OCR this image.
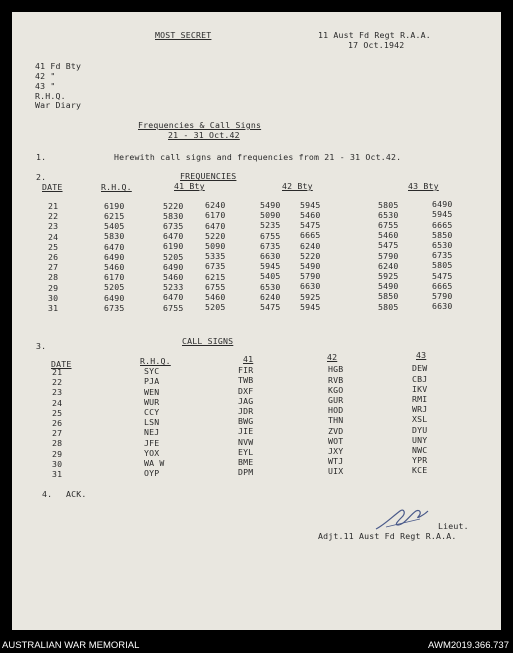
MOST SECRET	11 Aust Fd Regt R.A.A.
17 Oct.1942
41 Fd Bty
42 "
43 "
R.H.Q.
War Diary
Frequencies & Call Signs
21 - 31 Oct.42
1.	Herewith call signs and frequencies from 21 - 31 Oct.42.
2.	FREQUENCIES
DATE	R.H.Q.	41 Bty	42 Bty	43 Bty
21	6190	5220	6240	5490 5945	5805	6490
22	6215	5830	6170	5090 5460	6530	5945
23	5405	6735	6470	5235 5475	6755	6665
24	5830	6470	5220	6755 6665	5460	5850
25	6470	6190	5090	6735 6240	5475	6530
26	6490	5205	5335	6630 5220	5790	6735
27	5460	6490	6735	5945 5490	6240	5805
28	6170	5460	6215	5405 5790	5925	5475
29	5205	5233	6755	6530 6630	5490	6665
30	6490	6470	5460	6240 5925	5850	5790
31	6735	6755	5205	5475 5945	5805	6630
3.	CALL SIGNS
DATE	R.H.Q.	41	42	43
21	SYC	FIR	HGB	DEW
22	PJA	TWB	RVB	CBJ
23	WEN	DXF	KGO	IKV
24	WUR	JAG	GUR	RMI
25	CCY	JDR	HOD	WRJ
26	LSN	BWG	THN	XSL
27	NEJ	JIE	ZVD	DYU
28	JFE	NVW	WOT	UNY
29	YOX	EYL	JXY	NWC
30	WA W	BME	WTJ	YPR
31	OYP	DPM	UIX	KCE
4. ACK.
Lieut.
Adjt.11 Aust Fd Regt R.A.A.
AUSTRALIAN WAR MEMORIAL	AWM2019.366.737
